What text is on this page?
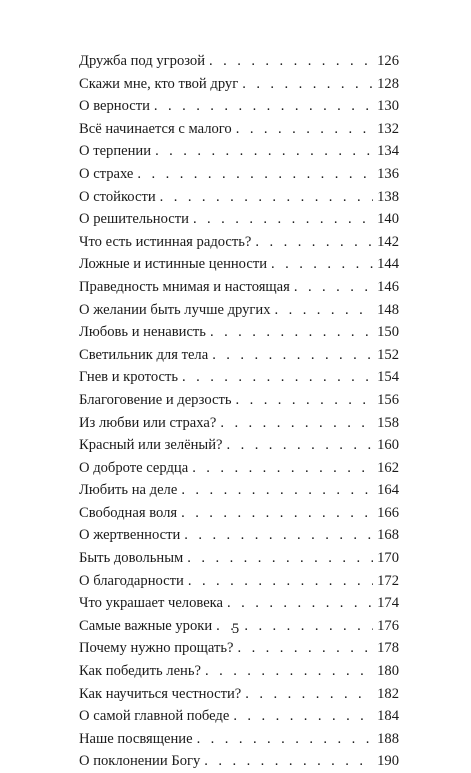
Дружба под угрозой . . .	126
Скажи мне, кто твой друг . . .	128
О верности . . .	130
Всё начинается с малого . . .	132
О терпении . . .	134
О страхе . . .	136
О стойкости . . .	138
О решительности . . .	140
Что есть истинная радость? . . .	142
Ложные и истинные ценности . . .	144
Праведность мнимая и настоящая . . .	146
О желании быть лучше других . . .	148
Любовь и ненависть . . .	150
Светильник для тела . . .	152
Гнев и кротость . . .	154
Благоговение и дерзость . . .	156
Из любви или страха? . . .	158
Красный или зелёный? . . .	160
О доброте сердца . . .	162
Любить на деле . . .	164
Свободная воля . . .	166
О жертвенности . . .	168
Быть довольным . . .	170
О благодарности . . .	172
Что украшает человека . . .	174
Самые важные уроки . . .	176
Почему нужно прощать? . . .	178
Как победить лень? . . .	180
Как научиться честности? . . .	182
О самой главной победе . . .	184
Наше посвящение . . .	188
О поклонении Богу . . .	190
5
